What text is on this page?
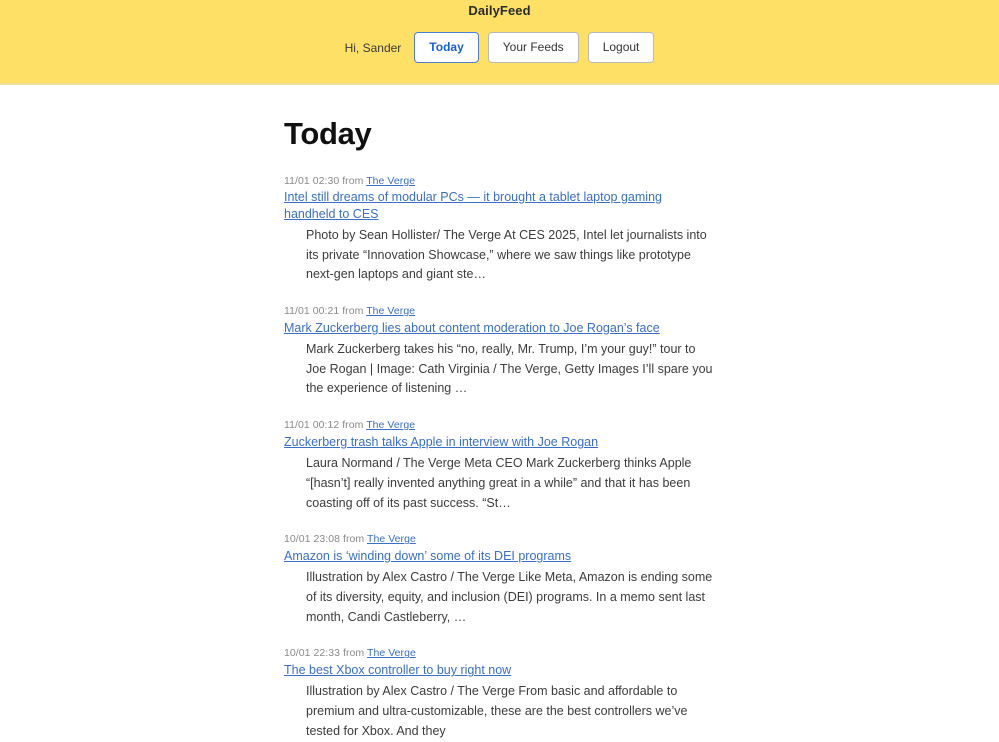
DailyFeed
Hi, Sander	Today	Your Feeds	Logout
Today
11/01 02:30 from The Verge
Intel still dreams of modular PCs — it brought a tablet laptop gaming handheld to CES
Photo by Sean Hollister/ The Verge At CES 2025, Intel let journalists into its private “Innovation Showcase,” where we saw things like prototype next-gen laptops and giant ste…
11/01 00:21 from The Verge
Mark Zuckerberg lies about content moderation to Joe Rogan’s face
Mark Zuckerberg takes his “no, really, Mr. Trump, I’m your guy!” tour to Joe Rogan | Image: Cath Virginia / The Verge, Getty Images I’ll spare you the experience of listening …
11/01 00:12 from The Verge
Zuckerberg trash talks Apple in interview with Joe Rogan
Laura Normand / The Verge Meta CEO Mark Zuckerberg thinks Apple “[hasn’t] really invented anything great in a while” and that it has been coasting off of its past success. “St…
10/01 23:08 from The Verge
Amazon is ‘winding down’ some of its DEI programs
Illustration by Alex Castro / The Verge Like Meta, Amazon is ending some of its diversity, equity, and inclusion (DEI) programs. In a memo sent last month, Candi Castleberry, …
10/01 22:33 from The Verge
The best Xbox controller to buy right now
Illustration by Alex Castro / The Verge From basic and affordable to premium and ultra-customizable, these are the best controllers we’ve tested for Xbox. And they
